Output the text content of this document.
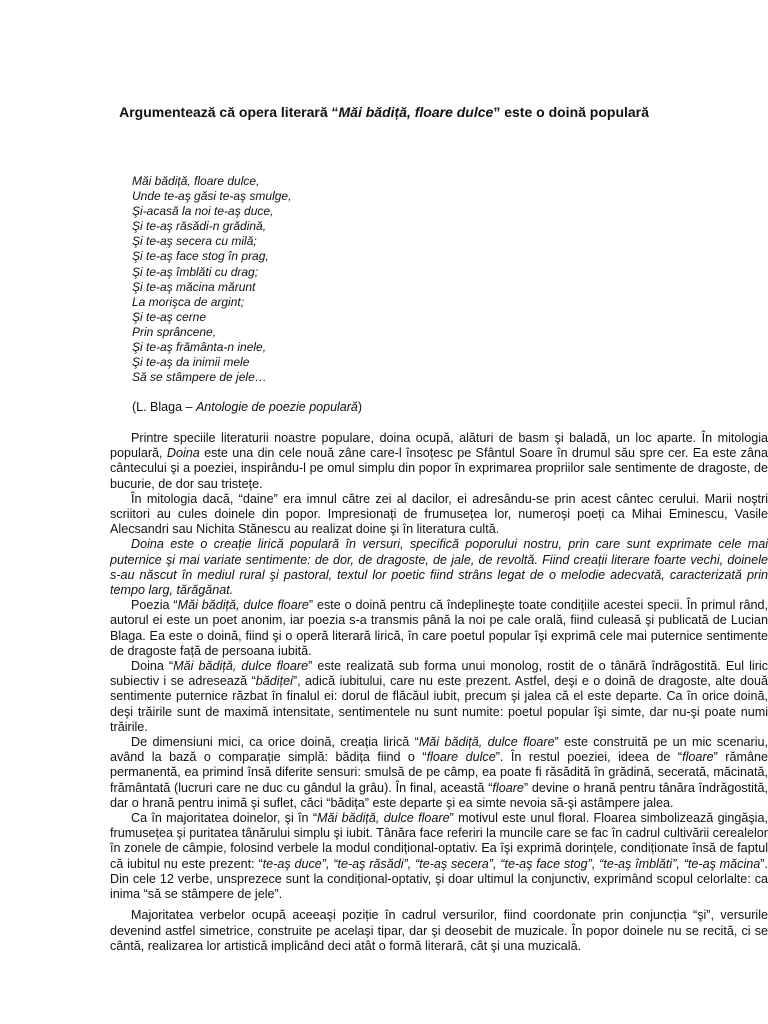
Argumentează că opera literară “Măi bădiță, floare dulce” este o doină populară
Măi bădiță, floare dulce,
Unde te-aş găsi te-aş smulge,
Şi-acasă la noi te-aş duce,
Şi te-aş răsădi-n grădină,
Şi te-aş secera cu milă;
Şi te-aş face stog în prag,
Şi te-aş îmblăti cu drag;
Şi te-aş măcina mărunt
La morişca de argint;
Şi te-aş cerne
Prin sprâncene,
Şi te-aş frământa-n inele,
Şi te-aş da inimii mele
Să se stâmpere de jele…
(L. Blaga – Antologie de poezie populară)

Printre speciile literaturii noastre populare, doina ocupă, alături de basm şi baladă, un loc aparte. În mitologia populară, Doina este una din cele nouă zâne care-l însoțesc pe Sfântul Soare în drumul său spre cer. Ea este zâna cântecului şi a poeziei, inspirându-l pe omul simplu din popor în exprimarea propriilor sale sentimente de dragoste, de bucurie, de dor sau tristețe.

În mitologia dacă, “daine” era imnul către zei al dacilor, ei adresându-se prin acest cântec cerului. Marii noştri scriitori au cules doinele din popor. Impresionați de frumusețea lor, numeroşi poeți ca Mihai Eminescu, Vasile Alecsandri sau Nichita Stănescu au realizat doine şi în literatura cultă.

Doina este o creație lirică populară în versuri, specifică poporului nostru, prin care sunt exprimate cele mai puternice şi mai variate sentimente: de dor, de dragoste, de jale, de revoltă. Fiind creații literare foarte vechi, doinele s-au născut în mediul rural şi pastoral, textul lor poetic fiind strâns legat de o melodie adecvată, caracterizată prin tempo larg, tărăgănat.

Poezia “Măi bădiță, dulce floare” este o doină pentru că îndeplineşte toate condițiile acestei specii. În primul rând, autorul ei este un poet anonim, iar poezia s-a transmis până la noi pe cale orală, fiind culeasă şi publicată de Lucian Blaga. Ea este o doină, fiind şi o operă literară lirică, în care poetul popular îşi exprimă cele mai puternice sentimente de dragoste față de persoana iubită.

Doina “Măi bădiță, dulce floare” este realizată sub forma unui monolog, rostit de o tânără îndrăgostită. Eul liric subiectiv i se adresează “bădiței”, adică iubitului, care nu este prezent. Astfel, deşi e o doină de dragoste, alte două sentimente puternice răzbat în finalul ei: dorul de flăcăul iubit, precum şi jalea că el este departe. Ca în orice doină, deşi trăirile sunt de maximă intensitate, sentimentele nu sunt numite: poetul popular îşi simte, dar nu-şi poate numi trăirile.

De dimensiuni mici, ca orice doină, creația lirică “Măi bădiță, dulce floare” este construită pe un mic scenariu, având la bază o comparație simplă: bădița fiind o “floare dulce”. În restul poeziei, ideea de “floare” rămâne permanentă, ea primind însă diferite sensuri: smulsă de pe câmp, ea poate fi răsădită în grădină, secerată, măcinată, frământată (lucruri care ne duc cu gândul la grâu). În final, această “floare” devine o hrană pentru tânăra îndrăgostită, dar o hrană pentru inimă şi suflet, căci “bădița” este departe şi ea simte nevoia să-şi astâmpere jalea.

Ca în majoritatea doinelor, şi în “Măi bădiță, dulce floare” motivul este unul floral. Floarea simbolizează gingăşia, frumusețea şi puritatea tânărului simplu şi iubit. Tânăra face referiri la muncile care se fac în cadrul cultivării cerealelor în zonele de câmpie, folosind verbele la modul condițional-optativ. Ea îşi exprimă dorințele, condiționate însă de faptul că iubitul nu este prezent: “te-aş duce”, “te-aş răsădi”, “te-aş secera”, “te-aş face stog”, “te-aş îmblăti”, “te-aş măcina”. Din cele 12 verbe, unsprezece sunt la condițional-optativ, şi doar ultimul la conjunctiv, exprimând scopul celorlalte: ca inima “să se stâmpere de jele”.

Majoritatea verbelor ocupă aceeaşi poziție în cadrul versurilor, fiind coordonate prin conjuncția “şi”, versurile devenind astfel simetrice, construite pe acelaşi tipar, dar şi deosebit de muzicale. În popor doinele nu se recită, ci se cântă, realizarea lor artistică implicând deci atât o formă literară, cât şi una muzicală.
